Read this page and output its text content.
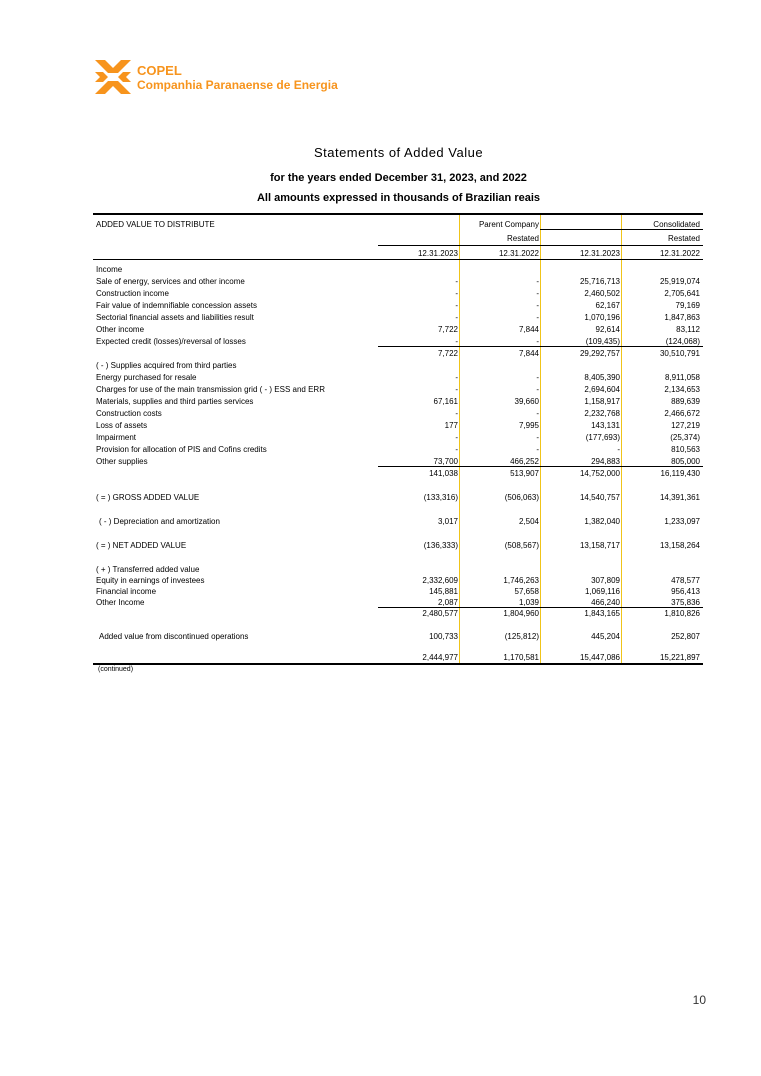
COPEL
Companhia Paranaense de Energia
Statements of Added Value
for the years ended December 31, 2023, and 2022
All amounts expressed in thousands of Brazilian reais
ADDED VALUE TO DISTRIBUTE	Parent Company	Consolidated
Restated	Restated
12.31.2023	12.31.2022	12.31.2023	12.31.2022
Income
Sale of energy, services and other income	-	-	25,716,713	25,919,074
Construction income	-	-	2,460,502	2,705,641
Fair value of indemnifiable concession assets	-	-	62,167	79,169
Sectorial financial assets and liabilities result	-	-	1,070,196	1,847,863
Other income	7,722	7,844	92,614	83,112
Expected credit (losses)/reversal of losses	-	-	(109,435)	(124,068)
7,722	7,844	29,292,757	30,510,791
( - ) Supplies acquired from third parties
Energy purchased for resale	-	-	8,405,390	8,911,058
Charges for use of the main transmission grid ( - ) ESS and ERR	-	-	2,694,604	2,134,653
Materials, supplies and third parties services	67,161	39,660	1,158,917	889,639
Construction costs	-	-	2,232,768	2,466,672
Loss of assets	177	7,995	143,131	127,219
Impairment	-	-	(177,693)	(25,374)
Provision for allocation of PIS and Cofins credits	-	-	-	810,563
Other supplies	73,700	466,252	294,883	805,000
141,038	513,907	14,752,000	16,119,430
( = ) GROSS ADDED VALUE	(133,316)	(506,063)	14,540,757	14,391,361
( - ) Depreciation and amortization	3,017	2,504	1,382,040	1,233,097
( = ) NET ADDED VALUE	(136,333)	(508,567)	13,158,717	13,158,264
( + ) Transferred added value
Equity in earnings of investees	2,332,609	1,746,263	307,809	478,577
Financial income	145,881	57,658	1,069,116	956,413
Other Income	2,087	1,039	466,240	375,836
2,480,577	1,804,960	1,843,165	1,810,826
Added value from discontinued operations	100,733	(125,812)	445,204	252,807
2,444,977	1,170,581	15,447,086	15,221,897
(continued)
10
